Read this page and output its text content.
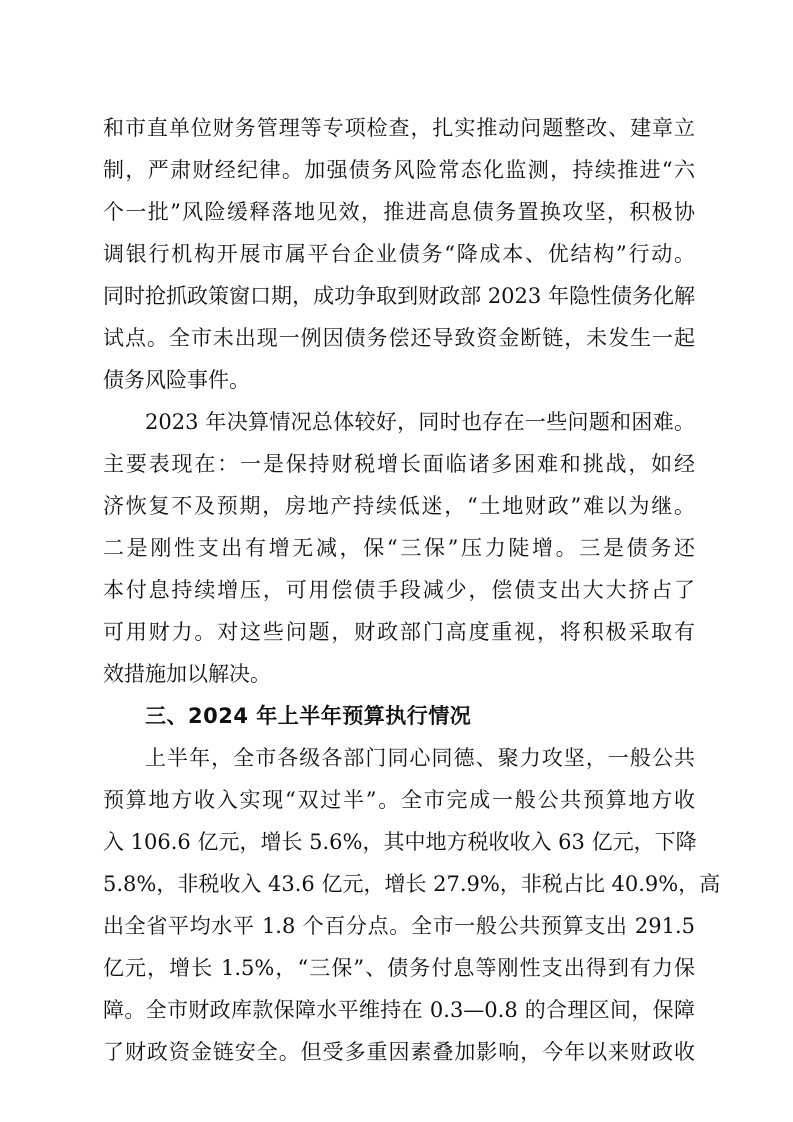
和市直单位财务管理等专项检查，扎实推动问题整改、建章立
制，严肃财经纪律。加强债务风险常态化监测，持续推进“六
个一批”风险缓释落地见效，推进高息债务置换攻坚，积极协
调银行机构开展市属平台企业债务“降成本、优结构”行动。
同时抢抓政策窗口期，成功争取到财政部 2023 年隐性债务化解
试点。全市未出现一例因债务偿还导致资金断链，未发生一起
债务风险事件。
2023 年决算情况总体较好，同时也存在一些问题和困难。
主要表现在：一是保持财税增长面临诸多困难和挑战，如经
济恢复不及预期，房地产持续低迷，“土地财政”难以为继。
二是刚性支出有增无减，保“三保”压力陡增。三是债务还
本付息持续增压，可用偿债手段减少，偿债支出大大挤占了
可用财力。对这些问题，财政部门高度重视，将积极采取有
效措施加以解决。
三、2024 年上半年预算执行情况
上半年，全市各级各部门同心同德、聚力攻坚，一般公共
预算地方收入实现“双过半”。全市完成一般公共预算地方收
入 106.6 亿元，增长 5.6%，其中地方税收收入 63 亿元，下降
5.8%，非税收入 43.6 亿元，增长 27.9%，非税占比 40.9%，高
出全省平均水平 1.8 个百分点。全市一般公共预算支出 291.5
亿元，增长 1.5%，“三保”、债务付息等刚性支出得到有力保
障。全市财政库款保障水平维持在 0.3—0.8 的合理区间，保障
了财政资金链安全。但受多重因素叠加影响，今年以来财政收
